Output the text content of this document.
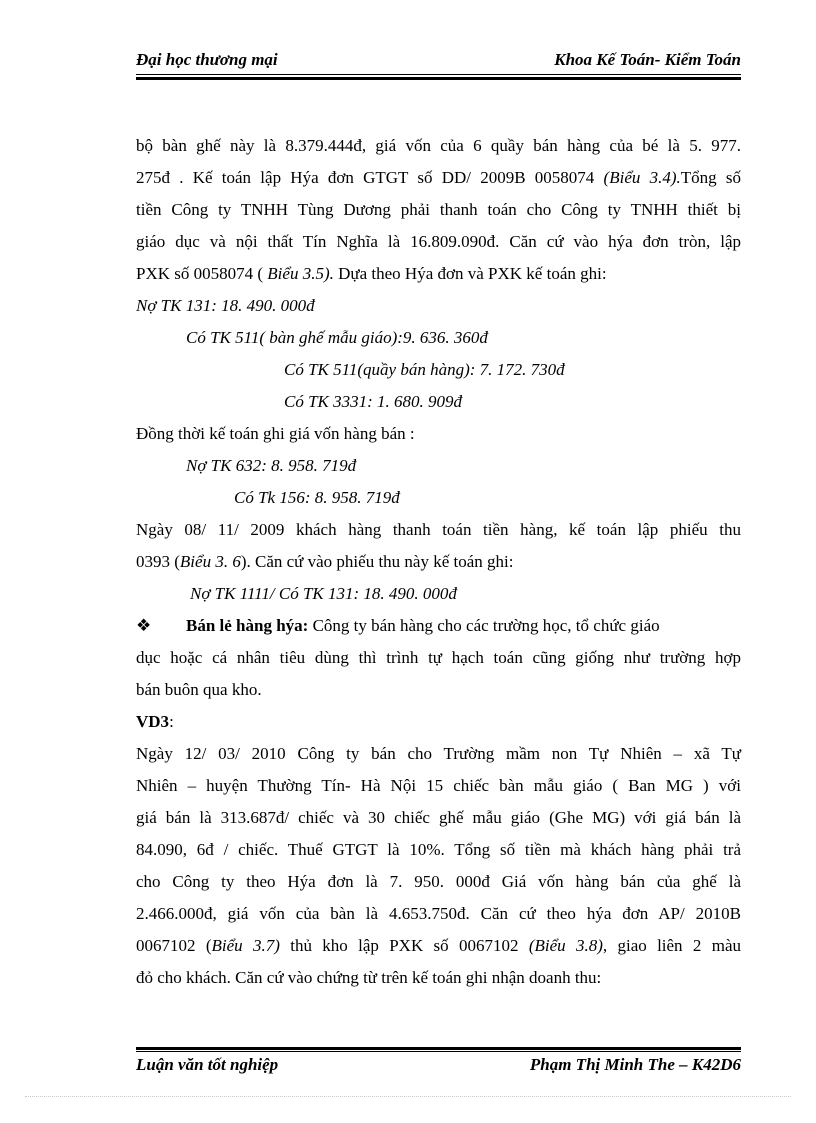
Đại học thương mại	Khoa Kế Toán- Kiểm Toán
bộ bàn ghế này là 8.379.444đ, giá vốn của 6 quầy bán hàng của bé là 5. 977.
275đ . Kế toán lập Hýa đơn GTGT số DD/ 2009B 0058074 (Biểu 3.4).Tổng số
tiền Công ty TNHH Tùng Dương phải thanh toán cho Công ty TNHH thiết bị
giáo dục và nội thất Tín Nghĩa là 16.809.090đ. Căn cứ vào hýa đơn tròn, lập
PXK số 0058074 ( Biểu 3.5). Dựa theo Hýa đơn và PXK kế toán ghi:
Nợ TK 131: 18. 490. 000đ
Có TK 511( bàn ghế mẫu giáo):9. 636. 360đ
Có TK 511(quầy bán hàng): 7. 172. 730đ
Có TK 3331: 1. 680. 909đ
Đồng thời kế toán ghi giá vốn hàng bán :
Nợ TK 632: 8. 958. 719đ
Có Tk 156: 8. 958. 719đ
Ngày 08/ 11/ 2009 khách hàng thanh toán tiền hàng, kế toán lập phiếu thu
0393 (Biểu 3. 6). Căn cứ vào phiếu thu này kế toán ghi:
Nợ TK 1111/ Có TK 131: 18. 490. 000đ
❖ Bán lẻ hàng hýa: Công ty bán hàng cho các trường học, tổ chức giáo
dục hoặc cá nhân tiêu dùng thì trình tự hạch toán cũng giống như trường hợp
bán buôn qua kho.
VD3:
Ngày 12/ 03/ 2010 Công ty bán cho Trường mầm non Tự Nhiên – xã Tự
Nhiên – huyện Thường Tín- Hà Nội 15 chiếc bàn mẫu giáo ( Ban MG ) với
giá bán là 313.687đ/ chiếc và 30 chiếc ghế mẫu giáo (Ghe MG) với giá bán là
84.090, 6đ / chiếc. Thuế GTGT là 10%. Tổng số tiền mà khách hàng phải trả
cho Công ty theo Hýa đơn là 7. 950. 000đ Giá vốn hàng bán của ghế là
2.466.000đ, giá vốn của bàn là 4.653.750đ. Căn cứ theo hýa đơn AP/ 2010B
0067102 (Biểu 3.7) thủ kho lập PXK số 0067102 (Biểu 3.8), giao liên 2 màu
đỏ cho khách. Căn cứ vào chứng từ trên kế toán ghi nhận doanh thu:
Luận văn tốt nghiệp	Phạm Thị Minh The – K42D6
